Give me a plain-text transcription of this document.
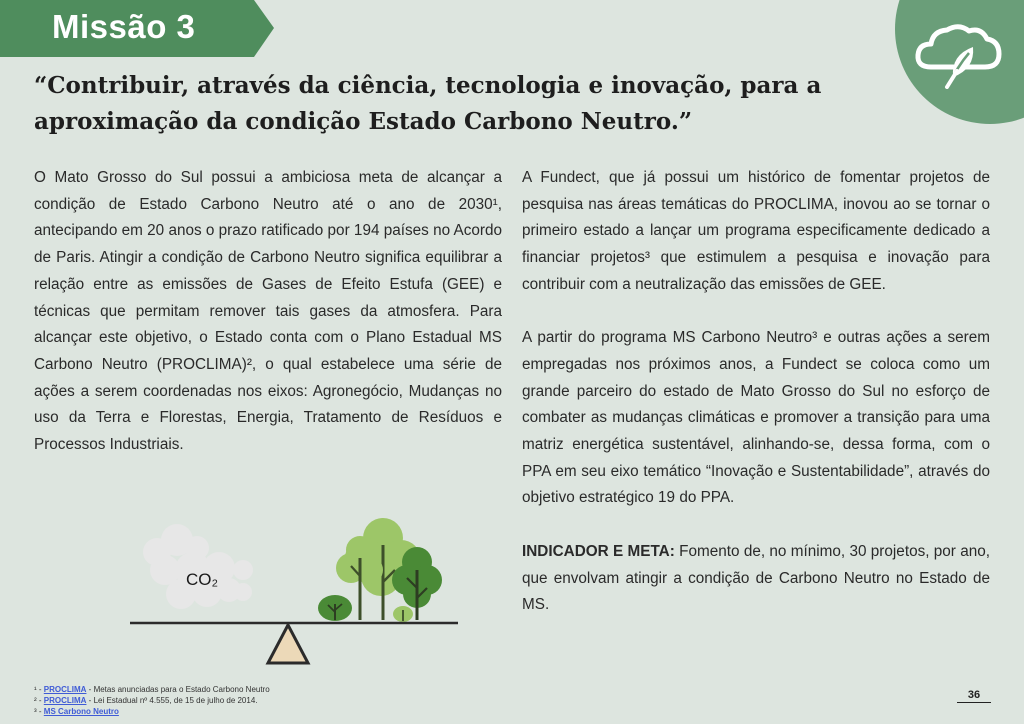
Missão 3
“Contribuir, através da ciência, tecnologia e inovação, para a aproximação da condição Estado Carbono Neutro.”

O Mato Grosso do Sul possui a ambiciosa meta de alcançar a condição de Estado Carbono Neutro até o ano de 2030¹, antecipando em 20 anos o prazo ratificado por 194 países no Acordo de Paris. Atingir a condição de Carbono Neutro significa equilibrar a relação entre as emissões de Gases de Efeito Estufa (GEE) e técnicas que permitam remover tais gases da atmosfera. Para alcançar este objetivo, o Estado conta com o Plano Estadual MS Carbono Neutro (PROCLIMA)², o qual estabelece uma série de ações a serem coordenadas nos eixos: Agronegócio, Mudanças no uso da Terra e Florestas, Energia, Tratamento de Resíduos e Processos Industriais.

A Fundect, que já possui um histórico de fomentar projetos de pesquisa nas áreas temáticas do PROCLIMA, inovou ao se tornar o primeiro estado a lançar um programa especificamente dedicado a financiar projetos³ que estimulem a pesquisa e inovação para contribuir com a neutralização das emissões de GEE.

A partir do programa MS Carbono Neutro³ e outras ações a serem empregadas nos próximos anos, a Fundect se coloca como um grande parceiro do estado de Mato Grosso do Sul no esforço de combater as mudanças climáticas e promover a transição para uma matriz energética sustentável, alinhando-se, dessa forma, com o PPA em seu eixo temático “Inovação e Sustentabilidade”, através do objetivo estratégico 19 do PPA.

INDICADOR E META: Fomento de, no mínimo, 30 projetos, por ano, que envolvam atingir a condição de Carbono Neutro no Estado de MS.

CO₂
¹ - PROCLIMA - Metas anunciadas para o Estado Carbono Neutro
² - PROCLIMA - Lei Estadual nº 4.555, de 15 de julho de 2014.
³ - MS Carbono Neutro
36
